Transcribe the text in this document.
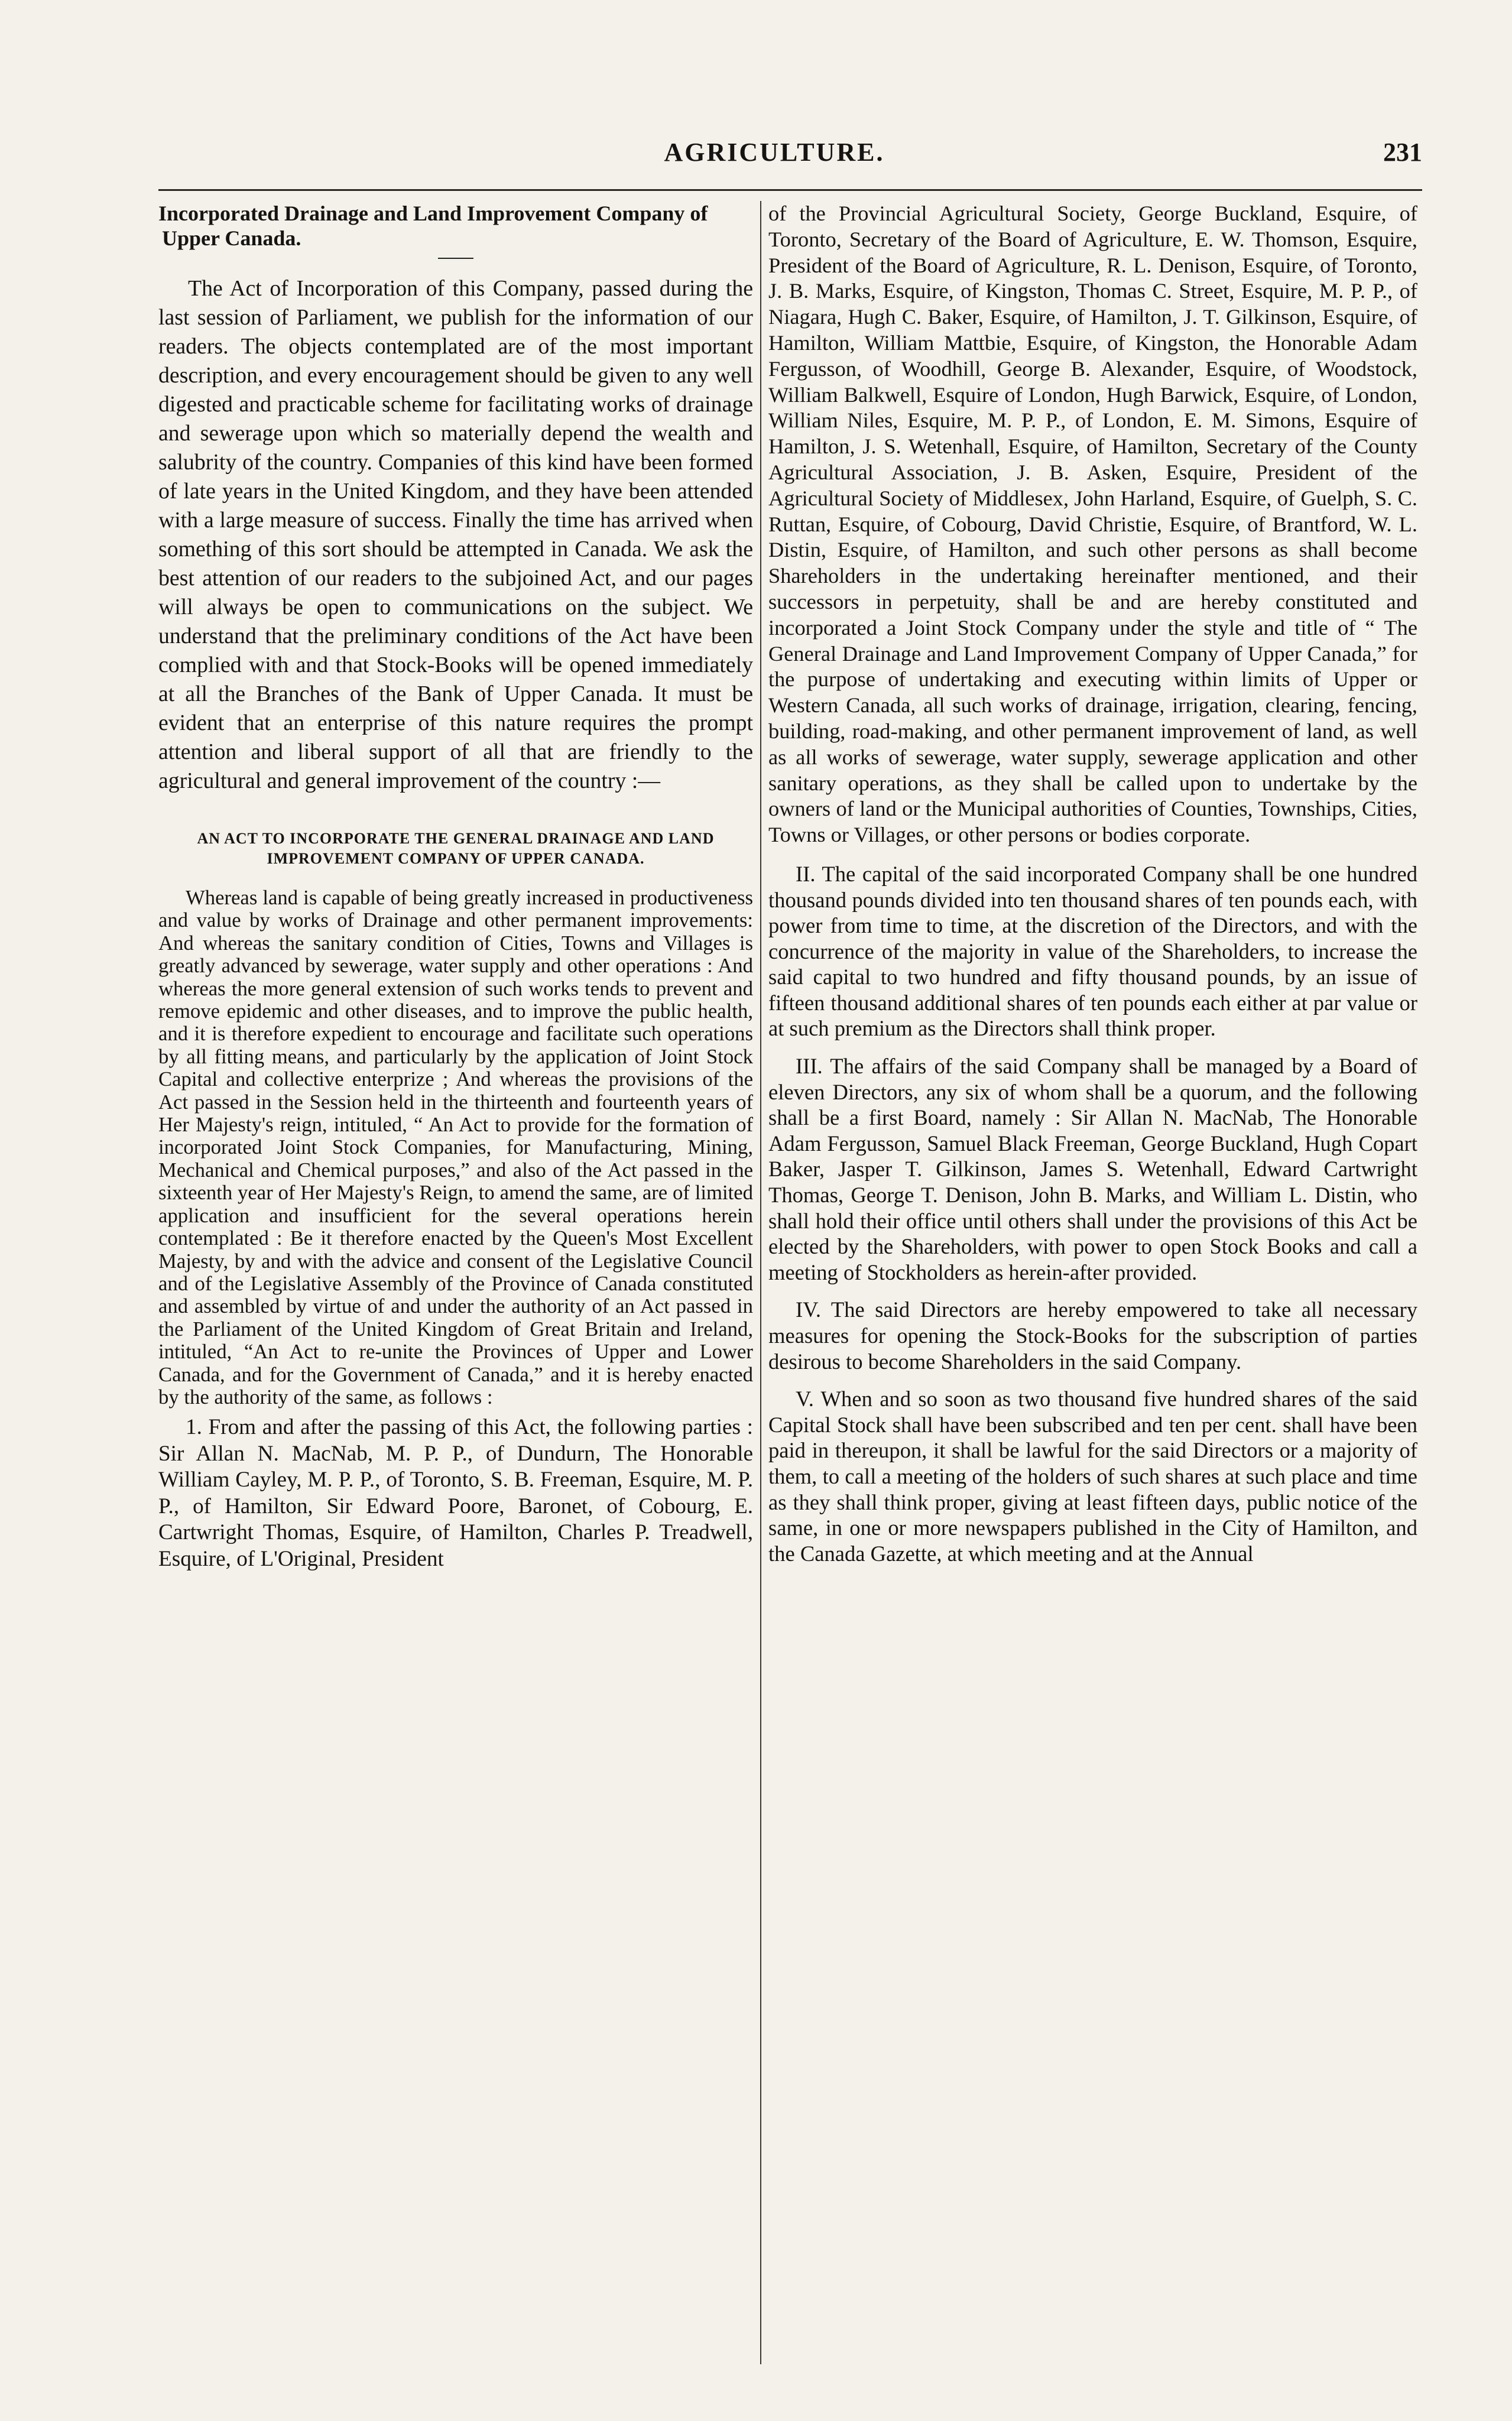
AGRICULTURE.	231
Incorporated Drainage and Land Improvement Company of Upper Canada.

The Act of Incorporation of this Company, passed during the last session of Parliament, we publish for the information of our readers. The objects contemplated are of the most important description, and every encouragement should be given to any well digested and practicable scheme for facilitating works of drainage and sewerage upon which so materially depend the wealth and salubrity of the country. Companies of this kind have been formed of late years in the United Kingdom, and they have been attended with a large measure of success. Finally the time has arrived when something of this sort should be attempted in Canada. We ask the best attention of our readers to the subjoined Act, and our pages will always be open to communications on the subject. We understand that the preliminary conditions of the Act have been complied with and that Stock-Books will be opened immediately at all the Branches of the Bank of Upper Canada. It must be evident that an enterprise of this nature requires the prompt attention and liberal support of all that are friendly to the agricultural and general improvement of the country :—

AN ACT TO INCORPORATE THE GENERAL DRAINAGE AND LAND IMPROVEMENT COMPANY OF UPPER CANADA.

Whereas land is capable of being greatly increased in productiveness and value by works of Drainage and other permanent improvements: And whereas the sanitary condition of Cities, Towns and Villages is greatly advanced by sewerage, water supply and other operations : And whereas the more general extension of such works tends to prevent and remove epidemic and other diseases, and to improve the public health, and it is therefore expedient to encourage and facilitate such operations by all fitting means, and particularly by the application of Joint Stock Capital and collective enterprize ; And whereas the provisions of the Act passed in the Session held in the thirteenth and fourteenth years of Her Majesty's reign, intituled, “ An Act to provide for the formation of incorporated Joint Stock Companies, for Manufacturing, Mining, Mechanical and Chemical purposes,” and also of the Act passed in the sixteenth year of Her Majesty's Reign, to amend the same, are of limited application and insufficient for the several operations herein contemplated : Be it therefore enacted by the Queen's Most Excellent Majesty, by and with the advice and consent of the Legislative Council and of the Legislative Assembly of the Province of Canada constituted and assembled by virtue of and under the authority of an Act passed in the Parliament of the United Kingdom of Great Britain and Ireland, intituled, “An Act to re-unite the Provinces of Upper and Lower Canada, and for the Government of Canada,” and it is hereby enacted by the authority of the same, as follows :

1. From and after the passing of this Act, the following parties : Sir Allan N. MacNab, M. P. P., of Dundurn, The Honorable William Cayley, M. P. P., of Toronto, S. B. Freeman, Esquire, M. P. P., of Hamilton, Sir Edward Poore, Baronet, of Cobourg, E. Cartwright Thomas, Esquire, of Hamilton, Charles P. Treadwell, Esquire, of L'Original, President

of the Provincial Agricultural Society, George Buckland, Esquire, of Toronto, Secretary of the Board of Agriculture, E. W. Thomson, Esquire, President of the Board of Agriculture, R. L. Denison, Esquire, of Toronto, J. B. Marks, Esquire, of Kingston, Thomas C. Street, Esquire, M. P. P., of Niagara, Hugh C. Baker, Esquire, of Hamilton, J. T. Gilkinson, Esquire, of Hamilton, William Mattbie, Esquire, of Kingston, the Honorable Adam Fergusson, of Woodhill, George B. Alexander, Esquire, of Woodstock, William Balkwell, Esquire of London, Hugh Barwick, Esquire, of London, William Niles, Esquire, M. P. P., of London, E. M. Simons, Esquire of Hamilton, J. S. Wetenhall, Esquire, of Hamilton, Secretary of the County Agricultural Association, J. B. Asken, Esquire, President of the Agricultural Society of Middlesex, John Harland, Esquire, of Guelph, S. C. Ruttan, Esquire, of Cobourg, David Christie, Esquire, of Brantford, W. L. Distin, Esquire, of Hamilton, and such other persons as shall become Shareholders in the undertaking hereinafter mentioned, and their successors in perpetuity, shall be and are hereby constituted and incorporated a Joint Stock Company under the style and title of “ The General Drainage and Land Improvement Company of Upper Canada,” for the purpose of undertaking and executing within limits of Upper or Western Canada, all such works of drainage, irrigation, clearing, fencing, building, road-making, and other permanent improvement of land, as well as all works of sewerage, water supply, sewerage application and other sanitary operations, as they shall be called upon to undertake by the owners of land or the Municipal authorities of Counties, Townships, Cities, Towns or Villages, or other persons or bodies corporate.

II. The capital of the said incorporated Company shall be one hundred thousand pounds divided into ten thousand shares of ten pounds each, with power from time to time, at the discretion of the Directors, and with the concurrence of the majority in value of the Shareholders, to increase the said capital to two hundred and fifty thousand pounds, by an issue of fifteen thousand additional shares of ten pounds each either at par value or at such premium as the Directors shall think proper.

III. The affairs of the said Company shall be managed by a Board of eleven Directors, any six of whom shall be a quorum, and the following shall be a first Board, namely : Sir Allan N. MacNab, The Honorable Adam Fergusson, Samuel Black Freeman, George Buckland, Hugh Copart Baker, Jasper T. Gilkinson, James S. Wetenhall, Edward Cartwright Thomas, George T. Denison, John B. Marks, and William L. Distin, who shall hold their office until others shall under the provisions of this Act be elected by the Shareholders, with power to open Stock Books and call a meeting of Stockholders as herein-after provided.

IV. The said Directors are hereby empowered to take all necessary measures for opening the Stock-Books for the subscription of parties desirous to become Shareholders in the said Company.

V. When and so soon as two thousand five hundred shares of the said Capital Stock shall have been subscribed and ten per cent. shall have been paid in thereupon, it shall be lawful for the said Directors or a majority of them, to call a meeting of the holders of such shares at such place and time as they shall think proper, giving at least fifteen days, public notice of the same, in one or more newspapers published in the City of Hamilton, and the Canada Gazette, at which meeting and at the Annual
